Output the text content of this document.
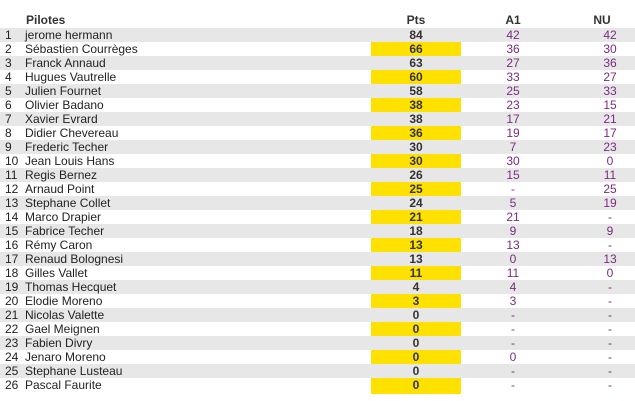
Pilotes	Pts	A1	NU
1	jerome hermann	84	42	42
2	Sébastien Courrèges	66	36	30
3	Franck Annaud	63	27	36
4	Hugues Vautrelle	60	33	27
5	Julien Fournet	58	25	33
6	Olivier Badano	38	23	15
7	Xavier Evrard	38	17	21
8	Didier Chevereau	36	19	17
9	Frederic Techer	30	7	23
10 Jean Louis Hans	30	30	0
11 Regis Bernez	26	15	11
12 Arnaud Point	25	-	25
13 Stephane Collet	24	5	19
14 Marco Drapier	21	21	-
15 Fabrice Techer	18	9	9
16 Rémy Caron	13	13	-
17 Renaud Bolognesi	13	0	13
18 Gilles Vallet	11	11	0
19 Thomas Hecquet	4	4	-
20 Elodie Moreno	3	3	-
21 Nicolas Valette	0	-	-
22 Gael Meignen	0	-	-
23 Fabien Divry	0	-	-
24 Jenaro Moreno	0	0	-
25 Stephane Lusteau	0	-	-
26 Pascal Faurite	0	-	-
